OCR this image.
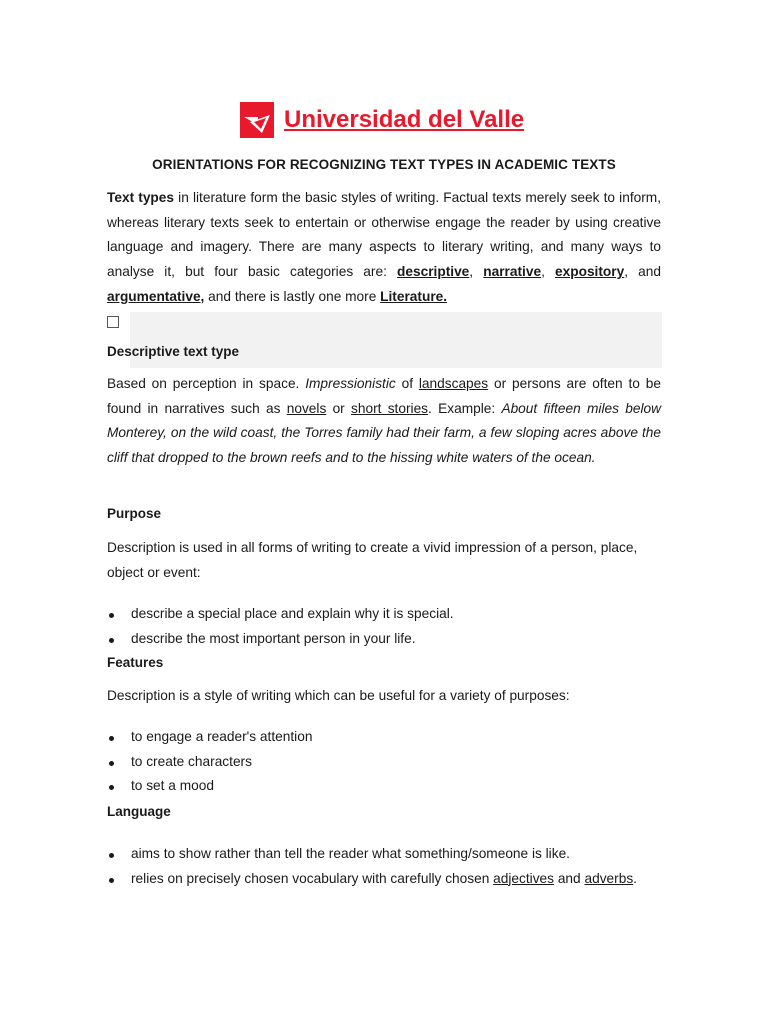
Universidad del Valle
ORIENTATIONS FOR RECOGNIZING TEXT TYPES IN ACADEMIC TEXTS
Text types in literature form the basic styles of writing. Factual texts merely seek to inform, whereas literary texts seek to entertain or otherwise engage the reader by using creative language and imagery. There are many aspects to literary writing, and many ways to analyse it, but four basic categories are: descriptive, narrative, expository, and argumentative, and there is lastly one more Literature.
Descriptive text type
Based on perception in space. Impressionistic of landscapes or persons are often to be found in narratives such as novels or short stories. Example: About fifteen miles below Monterey, on the wild coast, the Torres family had their farm, a few sloping acres above the cliff that dropped to the brown reefs and to the hissing white waters of the ocean.
Purpose
Description is used in all forms of writing to create a vivid impression of a person, place, object or event:
describe a special place and explain why it is special.
describe the most important person in your life.
Features
Description is a style of writing which can be useful for a variety of purposes:
to engage a reader's attention
to create characters
to set a mood
Language
aims to show rather than tell the reader what something/someone is like.
relies on precisely chosen vocabulary with carefully chosen adjectives and adverbs.
